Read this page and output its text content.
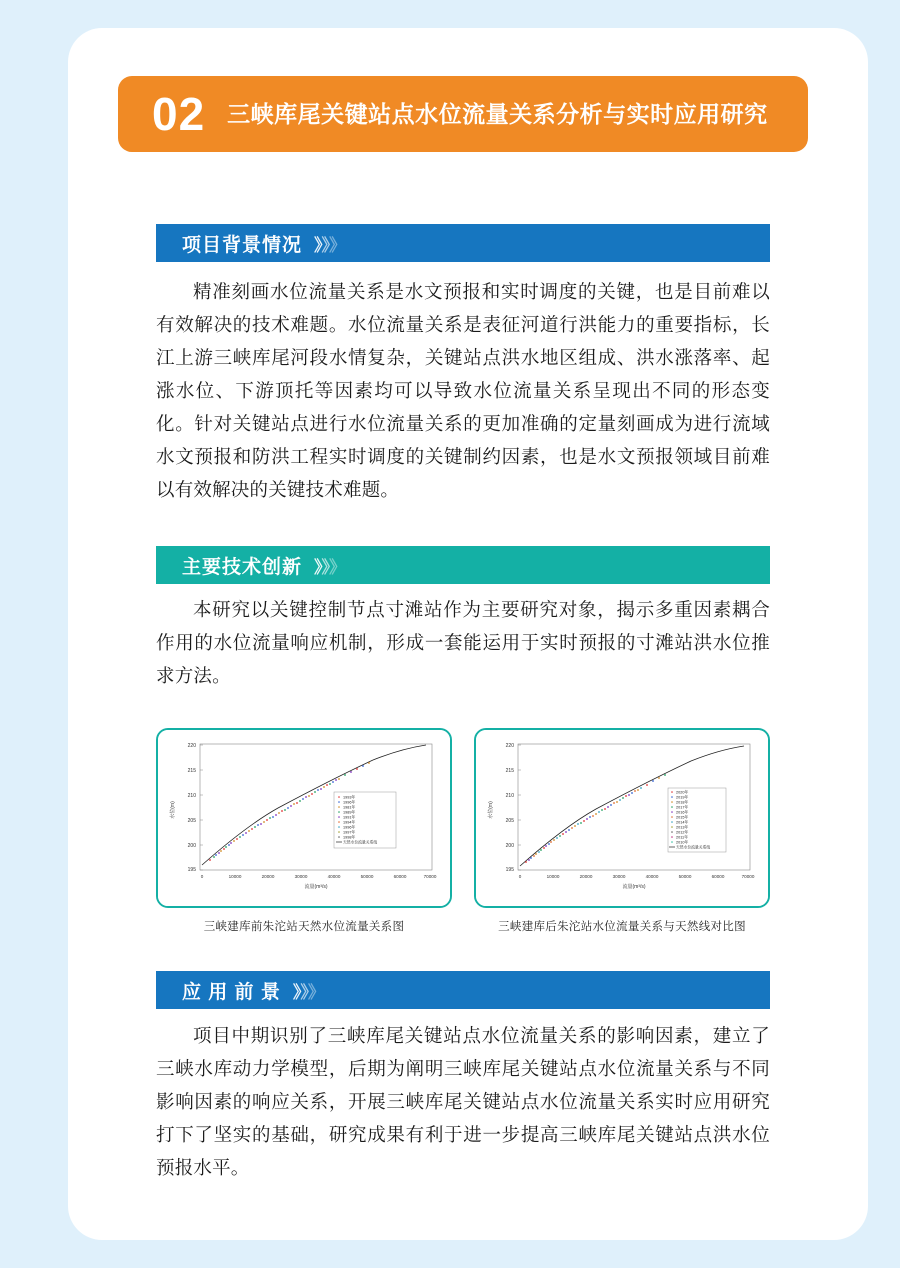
02 三峡库尾关键站点水位流量关系分析与实时应用研究
项目背景情况 》》》
精准刻画水位流量关系是水文预报和实时调度的关键，也是目前难以有效解决的技术难题。水位流量关系是表征河道行洪能力的重要指标，长江上游三峡库尾河段水情复杂，关键站点洪水地区组成、洪水涨落率、起涨水位、下游顶托等因素均可以导致水位流量关系呈现出不同的形态变化。针对关键站点进行水位流量关系的更加准确的定量刻画成为进行流域水文预报和防洪工程实时调度的关键制约因素，也是水文预报领域目前难以有效解决的关键技术难题。
主要技术创新 》》》
本研究以关键控制节点寸滩站作为主要研究对象，揭示多重因素耦合作用的水位流量响应机制，形成一套能运用于实时预报的寸滩站洪水位推求方法。
220
215
210
205
200
195
0	10000	20000	30000	40000	50000	60000	70000
流量(m³/s)
水位(m)
1993年
1996年
1981年
1989年
1991年
1994年
1996年
1997年
1998年
天然水位流量关系线
三峡建库前朱沱站天然水位流量关系图
220
215
210
205
200
195
0	10000	20000	30000	40000	50000	60000	70000
流量(m³/s)
水位(m)
2020年
2019年
2018年
2017年
2016年
2015年
2014年
2013年
2012年
2011年
2010年
天然水位流量关系线
三峡建库后朱沱站水位流量关系与天然线对比图
应 用 前 景 》》》
项目中期识别了三峡库尾关键站点水位流量关系的影响因素，建立了三峡水库动力学模型，后期为阐明三峡库尾关键站点水位流量关系与不同影响因素的响应关系，开展三峡库尾关键站点水位流量关系实时应用研究打下了坚实的基础，研究成果有利于进一步提高三峡库尾关键站点洪水位预报水平。
